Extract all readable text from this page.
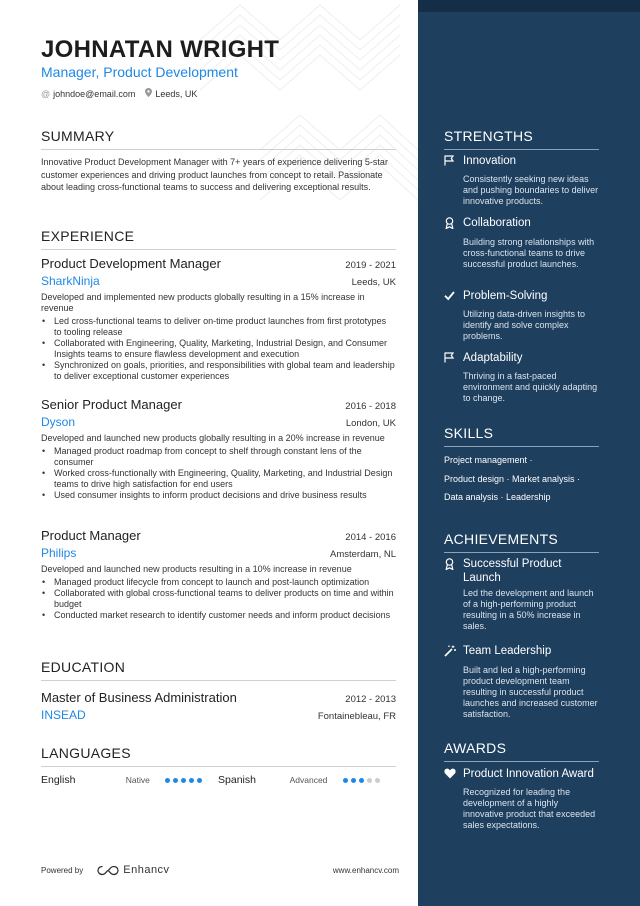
JOHNATAN WRIGHT
Manager, Product Development
@ johndoe@email.com Leeds, UK
SUMMARY
Innovative Product Development Manager with 7+ years of experience delivering 5-star customer experiences and driving product launches from concept to retail. Passionate about leading cross-functional teams to success and delivering exceptional results.
EXPERIENCE
Product Development Manager	2019 - 2021
SharkNinja	Leeds, UK
Developed and implemented new products globally resulting in a 15% increase in revenue
• Led cross-functional teams to deliver on-time product launches from first prototypes to tooling release
• Collaborated with Engineering, Quality, Marketing, Industrial Design, and Consumer Insights teams to ensure flawless development and execution
• Synchronized on goals, priorities, and responsibilities with global team and leadership to deliver exceptional customer experiences
Senior Product Manager	2016 - 2018
Dyson	London, UK
Developed and launched new products globally resulting in a 20% increase in revenue
• Managed product roadmap from concept to shelf through constant lens of the consumer
• Worked cross-functionally with Engineering, Quality, Marketing, and Industrial Design teams to drive high satisfaction for end users
• Used consumer insights to inform product decisions and drive business results
Product Manager	2014 - 2016
Philips	Amsterdam, NL
Developed and launched new products resulting in a 10% increase in revenue
• Managed product lifecycle from concept to launch and post-launch optimization
• Collaborated with global cross-functional teams to deliver products on time and within budget
• Conducted market research to identify customer needs and inform product decisions
EDUCATION
Master of Business Administration	2012 - 2013
INSEAD	Fontainebleau, FR
LANGUAGES
English	Native	Spanish	Advanced
Powered by	Enhancv	www.enhancv.com
STRENGTHS
Innovation
Consistently seeking new ideas and pushing boundaries to deliver innovative products.
Collaboration
Building strong relationships with cross-functional teams to drive successful product launches.
Problem-Solving
Utilizing data-driven insights to identify and solve complex problems.
Adaptability
Thriving in a fast-paced environment and quickly adapting to change.
SKILLS
Project management ·
Product design · Market analysis ·
Data analysis · Leadership
ACHIEVEMENTS
Successful Product Launch
Led the development and launch of a high-performing product resulting in a 50% increase in sales.
Team Leadership
Built and led a high-performing product development team resulting in successful product launches and increased customer satisfaction.
AWARDS
Product Innovation Award
Recognized for leading the development of a highly innovative product that exceeded sales expectations.
